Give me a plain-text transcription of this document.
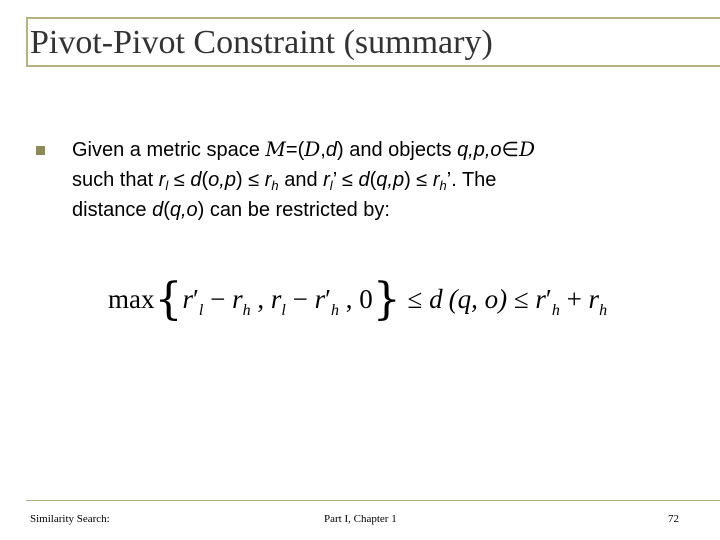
Pivot-Pivot Constraint (summary)
Given a metric space M=(D,d) and objects q,p,o∈D
such that $r_l \le d(o,p) \le r_h$ and $r_l$’ ≤ $d(q,p) \le r_h$’. The
distance d(q,o) can be restricted by:
$\max\{r'_l - r_h$ , $r_l - r'_h$ , 0} ≤ d (q, $o) \le r'_h + r_h$
Similarity Search:	Part I, Chapter 1	72
